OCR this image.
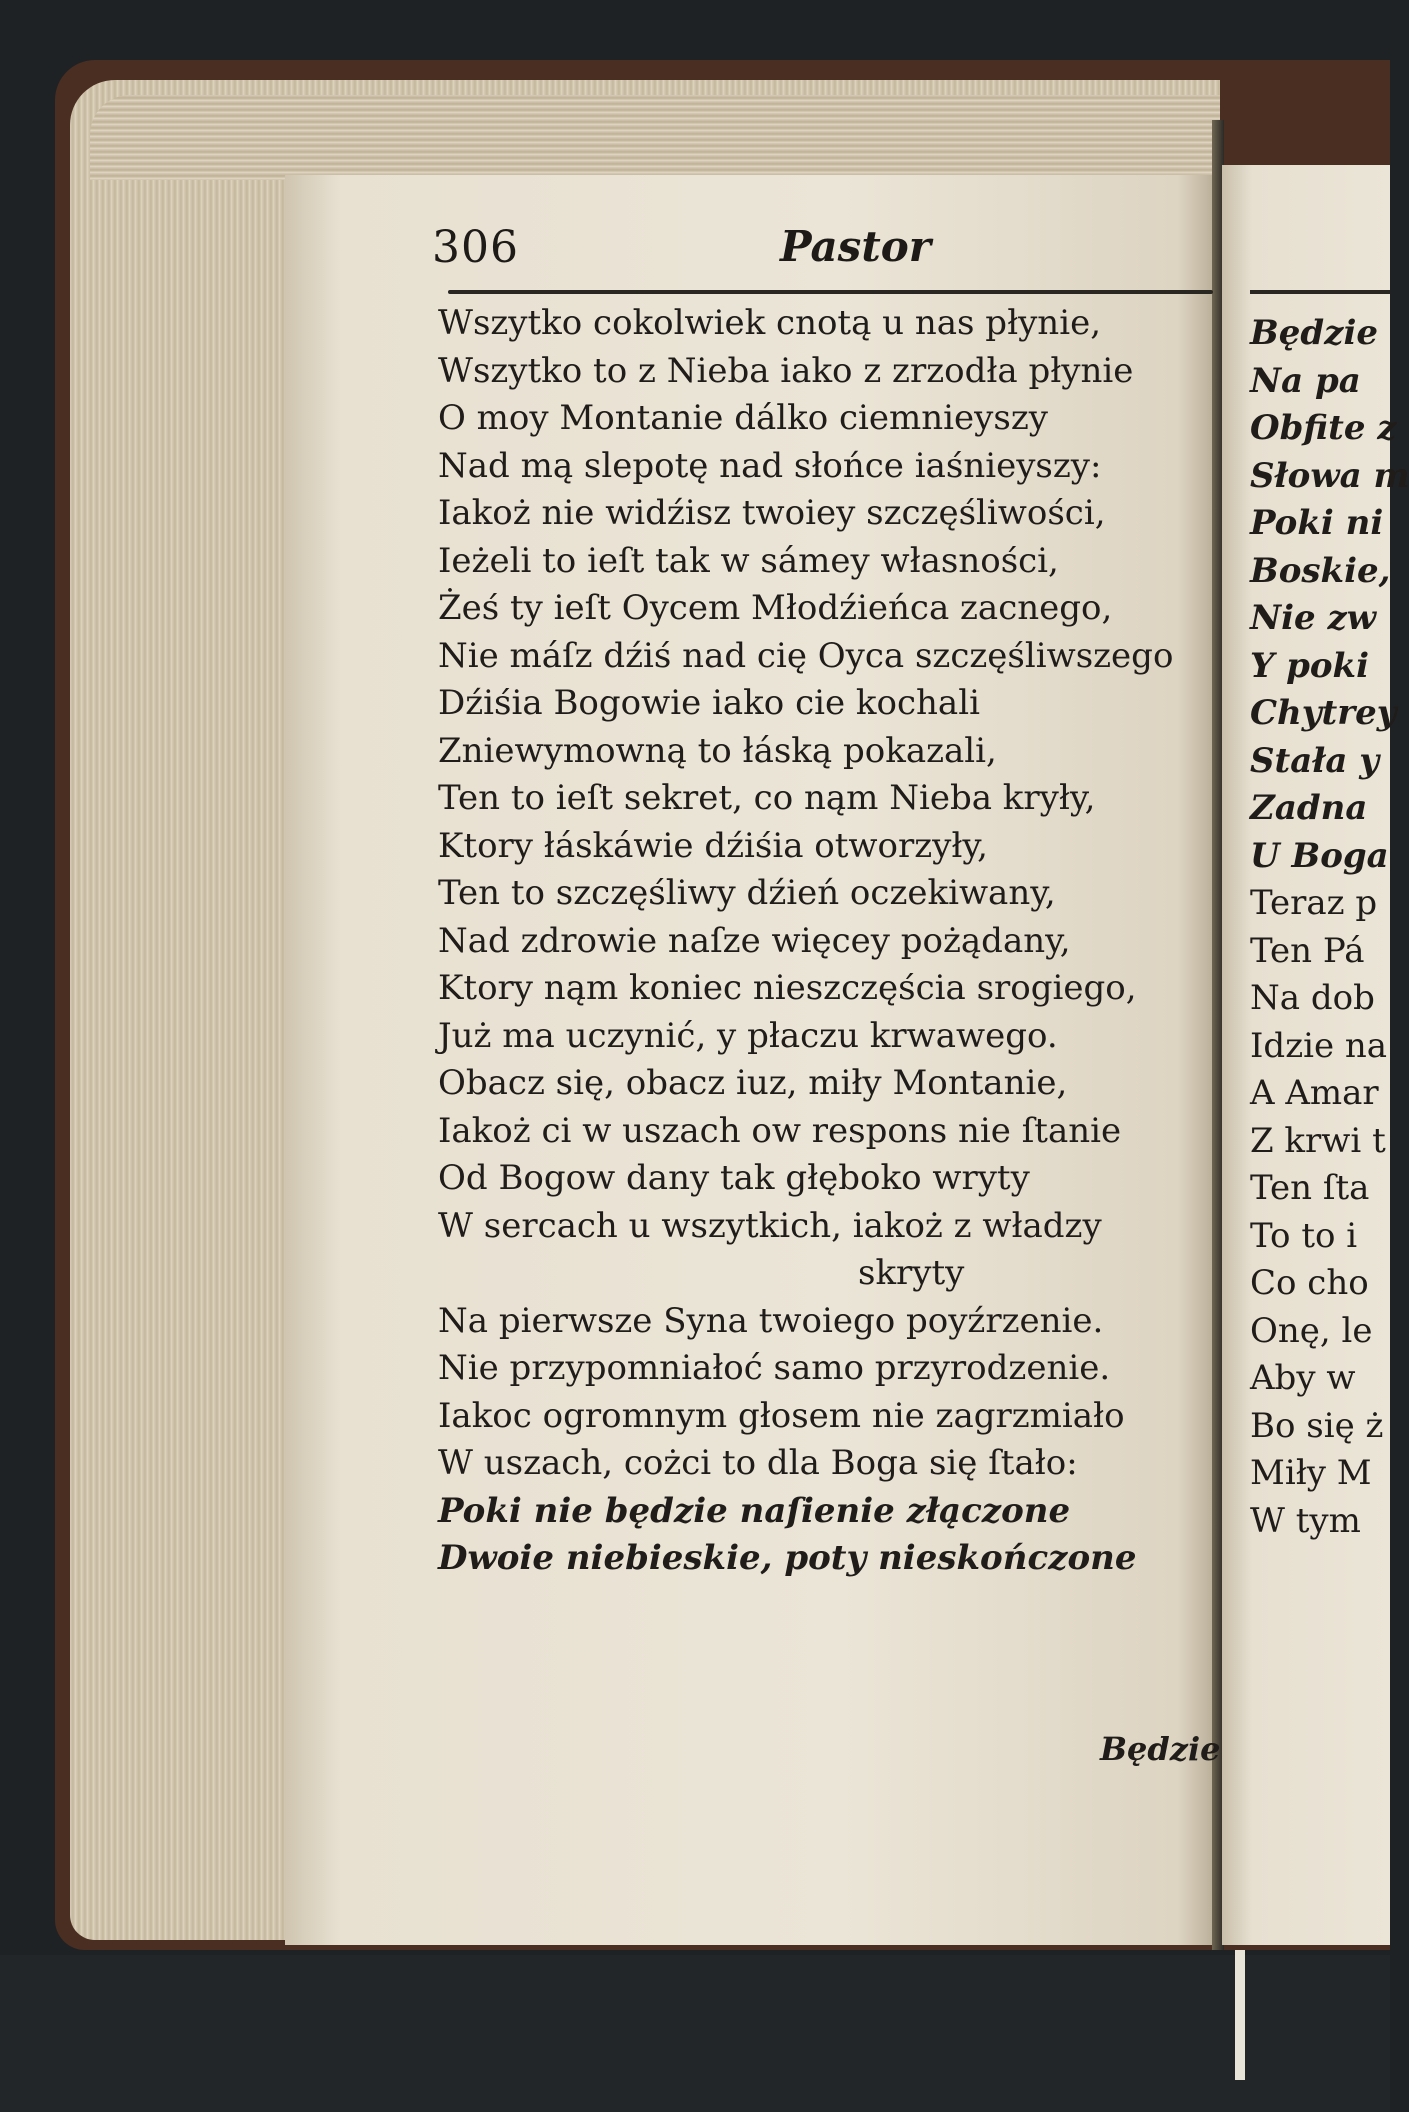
306	Pastor
Wszytko cokolwiek cnotą u nas płynie,
Wszytko to z Nieba iako z zrzodła płynie
O moy Montanie dálko ciemnieyszy
Nad mą slepotę nad słońce iaśnieyszy:
Iakoż nie widźisz twoiey szczęśliwości,
Ieżeli to ieſt tak w sámey własności,
Żeś ty ieſt Oycem Młodźieńca zacnego,
Nie máſz dźiś nad cię Oyca szczęśliwszego
Dźiśia Bogowie iako cie kochali
Zniewymowną to łáską pokazali,
Ten to ieſt sekret, co nąm Nieba kryły,
Ktory łáskáwie dźiśia otworzyły,
Ten to szczęśliwy dźień oczekiwany,
Nad zdrowie naſze więcey pożądany,
Ktory nąm koniec nieszczęścia srogiego,
Już ma uczynić, y płaczu krwawego.
Obacz się, obacz iuz, miły Montanie,
Iakoż ci w uszach ow respons nie ſtanie
Od Bogow dany tak głęboko wryty
W sercach u wszytkich, iakoż z władzy
skryty
Na pierwsze Syna twoiego poyźrzenie.
Nie przypomniałoć samo przyrodzenie.
Iakoc ogromnym głosem nie zagrzmiało
W uszach, cożci to dla Boga się ſtało:
Poki nie będzie naſienie złączone
Dwoie niebieskie, poty nieskończone
Będzie
Będzie
Na pa
Obfite z
Słowa m
Poki ni
Boskie,
Nie zw
Y poki
Chytrey
Stała y
Zadna
U Boga
Teraz p
Ten Pá
Na dob
Idzie na
A Amar
Z krwi t
Ten ſta
To to i
Co cho
Onę, le
Aby w
Bo się ż
Miły M
W tym
